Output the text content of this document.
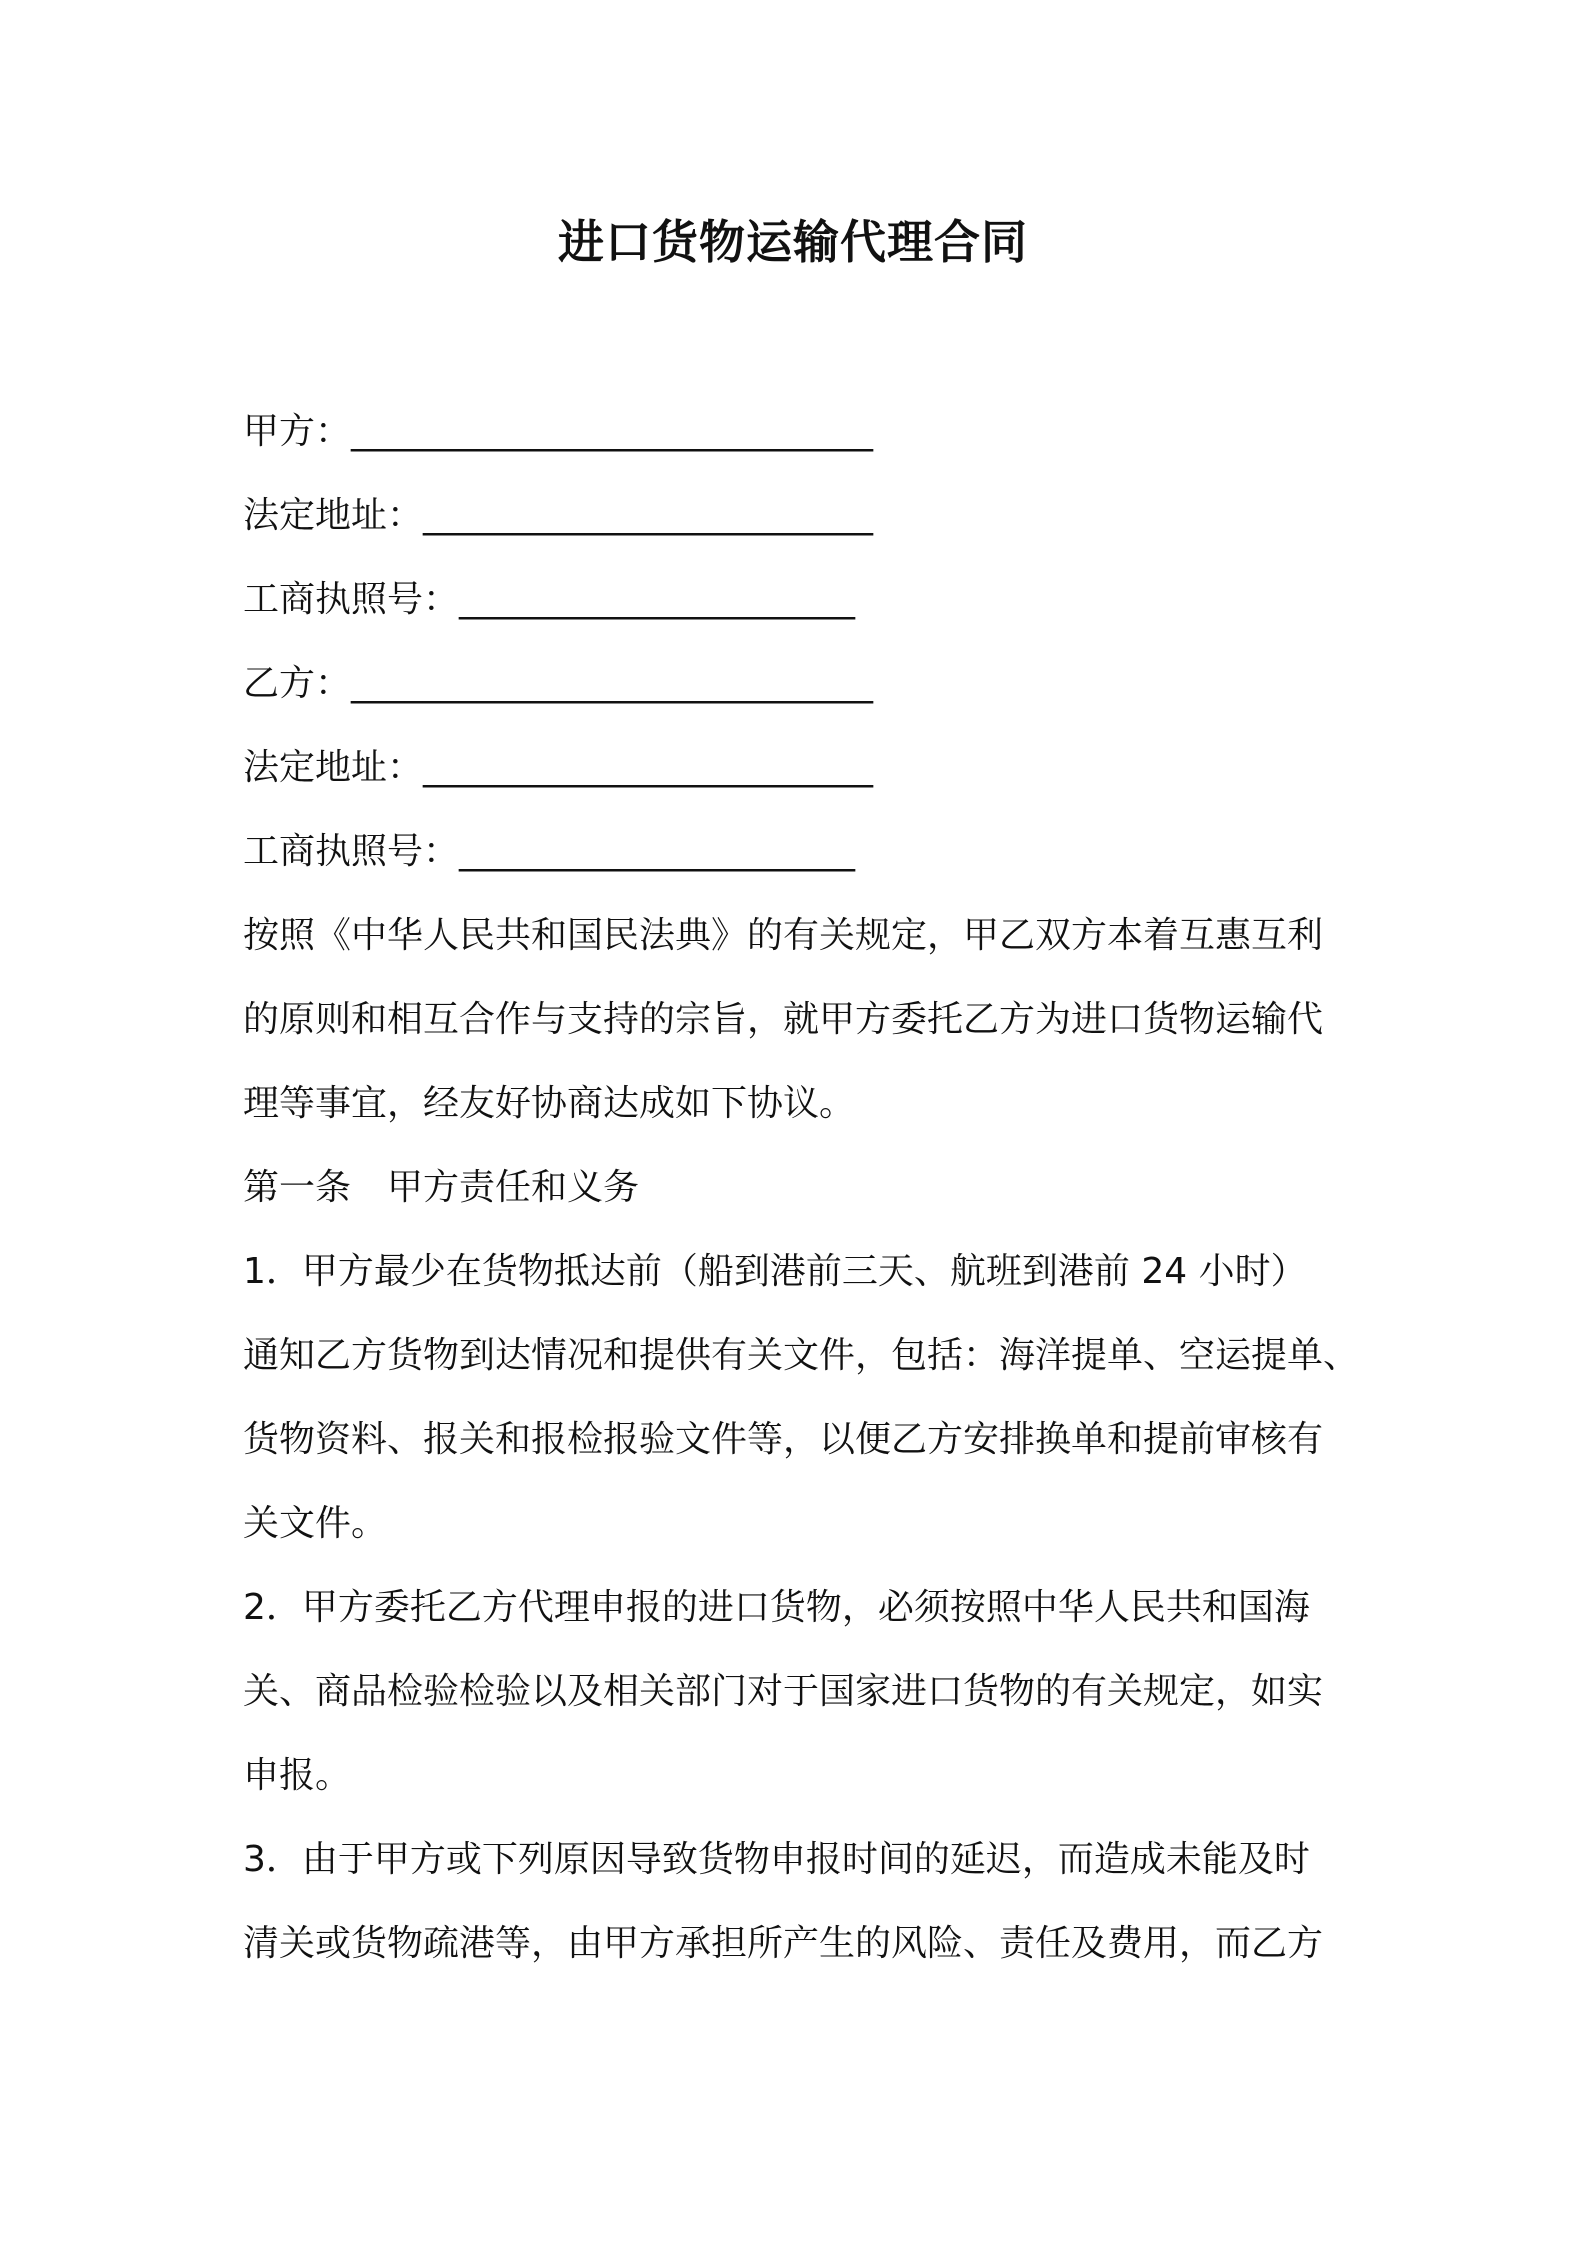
进口货物运输代理合同
甲方：_____________________________
法定地址：_________________________
工商执照号：______________________
乙方：_____________________________
法定地址：_________________________
工商执照号：______________________
按照《中华人民共和国民法典》的有关规定，甲乙双方本着互惠互利
的原则和相互合作与支持的宗旨，就甲方委托乙方为进口货物运输代
理等事宜，经友好协商达成如下协议。
第一条　甲方责任和义务
1．甲方最少在货物抵达前（船到港前三天、航班到港前 24 小时）
通知乙方货物到达情况和提供有关文件，包括：海洋提单、空运提单、
货物资料、报关和报检报验文件等，以便乙方安排换单和提前审核有
关文件。
2．甲方委托乙方代理申报的进口货物，必须按照中华人民共和国海
关、商品检验检验以及相关部门对于国家进口货物的有关规定，如实
申报。
3．由于甲方或下列原因导致货物申报时间的延迟，而造成未能及时
清关或货物疏港等，由甲方承担所产生的风险、责任及费用，而乙方
